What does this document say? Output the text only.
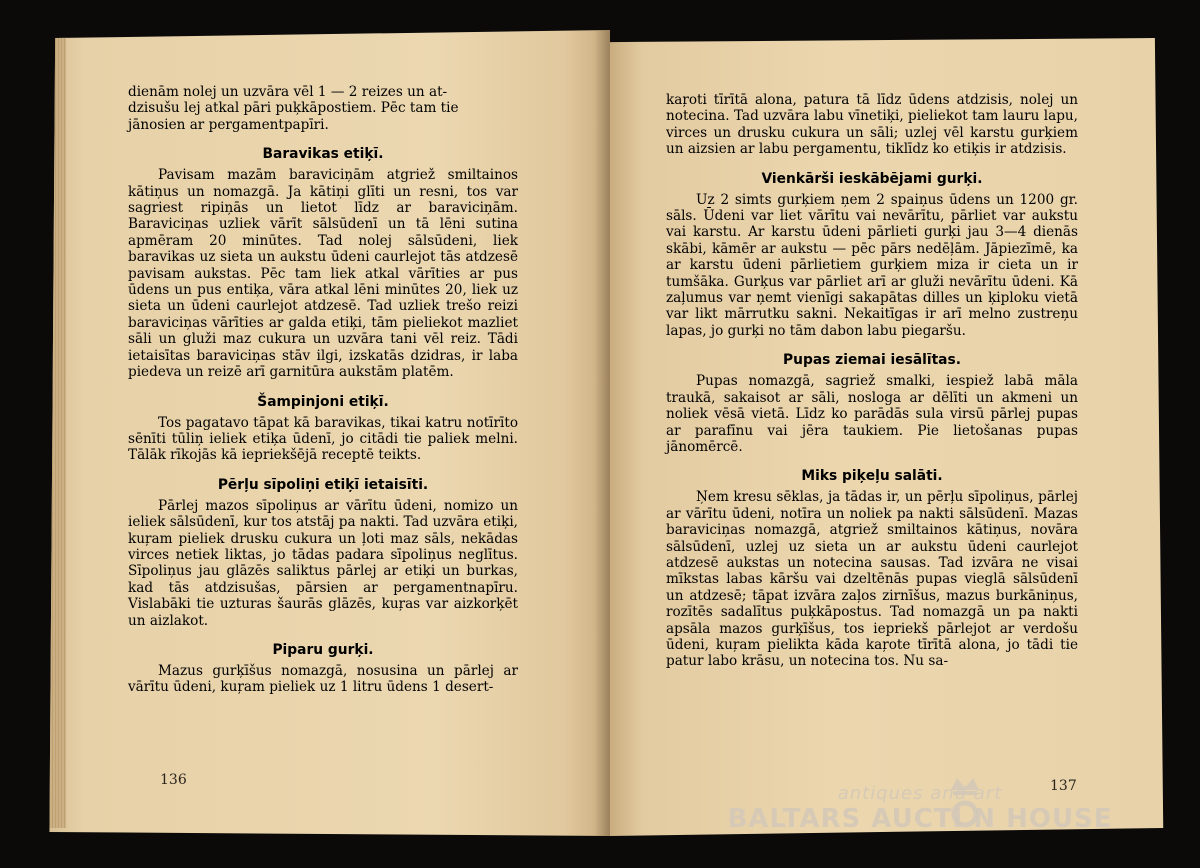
dienām nolej un uzvāra vēl 1 — 2 reizes un at-

dzisušu lej atkal pāri puķkāpostiem. Pēc tam tie

jānosien ar pergamentpapīri.

Baravikas etiķī.

Pavisam mazām baraviciņām atgriež smiltainos kātiņus un nomazgā. Ja kātiņi glīti un resni, tos var sagriest ripiņās un lietot līdz ar baraviciņām. Baraviciņas uzliek vārīt sālsūdenī un tā lēni sutina apmēram 20 minūtes. Tad nolej sālsūdeni, liek baravikas uz sieta un aukstu ūdeni caurlejot tās atdzesē pavisam aukstas. Pēc tam liek atkal vārīties ar pus ūdens un pus entiķa, vāra atkal lēni minūtes 20, liek uz sieta un ūdeni caurlejot atdzesē. Tad uzliek trešo reizi baraviciņas vārīties ar galda etiķi, tām pieliekot mazliet sāli un gluži maz cukura un uzvāra tani vēl reiz. Tādi ietaisītas baraviciņas stāv ilgi, izskatās dzidras, ir laba piedeva un reizē arī garnitūra aukstām platēm.

Šampinjoni etiķī.

Tos pagatavo tāpat kā baravikas, tikai katru notīrīto sēnīti tūliņ ieliek etiķa ūdenī, jo citādi tie paliek melni. Tālāk rīkojās kā iepriekšējā receptē teikts.

Pērļu sīpoliņi etiķī ietaisīti.

Pārlej mazos sīpoliņus ar vārītu ūdeni, nomizo un ieliek sālsūdenī, kur tos atstāj pa nakti. Tad uzvāra etiķi, kuŗam pieliek drusku cukura un ļoti maz sāls, nekādas virces netiek liktas, jo tādas padara sīpoliņus neglītus. Sīpoliņus jau glāzēs saliktus pārlej ar etiķi un burkas, kad tās atdzisušas, pārsien ar pergamentnapīru. Vislabāki tie uzturas šaurās glāzēs, kuŗas var aizkorķēt un aizlakot.

Piparu gurķi.

Mazus gurķīšus nomazgā, nosusina un pārlej ar vārītu ūdeni, kuŗam pieliek uz 1 litru ūdens 1 desert-

kaŗoti tīrītā alona, patura tā līdz ūdens atdzisis, nolej un notecina. Tad uzvāra labu vīnetiķi, pieliekot tam lauru lapu, virces un drusku cukura un sāli; uzlej vēl karstu gurķiem un aizsien ar labu pergamentu, tiklīdz ko etiķis ir atdzisis.

Vienkārši ieskābējami gurķi.

Uz 2 simts gurķiem ņem 2 spaiņus ūdens un 1200 gr. sāls. Ūdeni var liet vārītu vai nevārītu, pārliet var aukstu vai karstu. Ar karstu ūdeni pārlieti gurķi jau 3—4 dienās skābi, kāmēr ar aukstu — pēc pārs nedēļām. Jāpiezīmē, ka ar karstu ūdeni pārlietiem gurķiem miza ir cieta un ir tumšāka. Gurķus var pārliet arī ar gluži nevārītu ūdeni. Kā zaļumus var ņemt vienīgi sakapātas dilles un ķiploku vietā var likt mārrutku sakni. Nekaitīgas ir arī melno zustreņu lapas, jo gurķi no tām dabon labu piegaršu.

Pupas ziemai iesālītas.

Pupas nomazgā, sagriež smalki, iespiež labā māla traukā, sakaisot ar sāli, nosloga ar dēlīti un akmeni un noliek vēsā vietā. Līdz ko parādās sula virsū pārlej pupas ar parafīnu vai jēra taukiem. Pie lietošanas pupas jānomērcē.

Miks piķeļu salāti.

Ņem kresu sēklas, ja tādas ir, un pērļu sīpoliņus, pārlej ar vārītu ūdeni, notīra un noliek pa nakti sālsūdenī. Mazas baraviciņas nomazgā, atgriež smiltainos kātiņus, novāra sālsūdenī, uzlej uz sieta un ar aukstu ūdeni caurlejot atdzesē aukstas un notecina sausas. Tad izvāra ne visai mīkstas labas kāršu vai dzeltēnās pupas vieglā sālsūdenī un atdzesē; tāpat izvāra zaļos zirnīšus, mazus burkāniņus, rozītēs sadalītus puķkāpostus. Tad nomazgā un pa nakti apsāla mazos gurķīšus, tos iepriekš pārlejot ar verdošu ūdeni, kuŗam pielikta kāda kaŗote tīrītā alona, jo tādi tie patur labo krāsu, un notecina tos. Nu sa-

136	137
antiques and art
BALTARS AUCTI N HOUSE
